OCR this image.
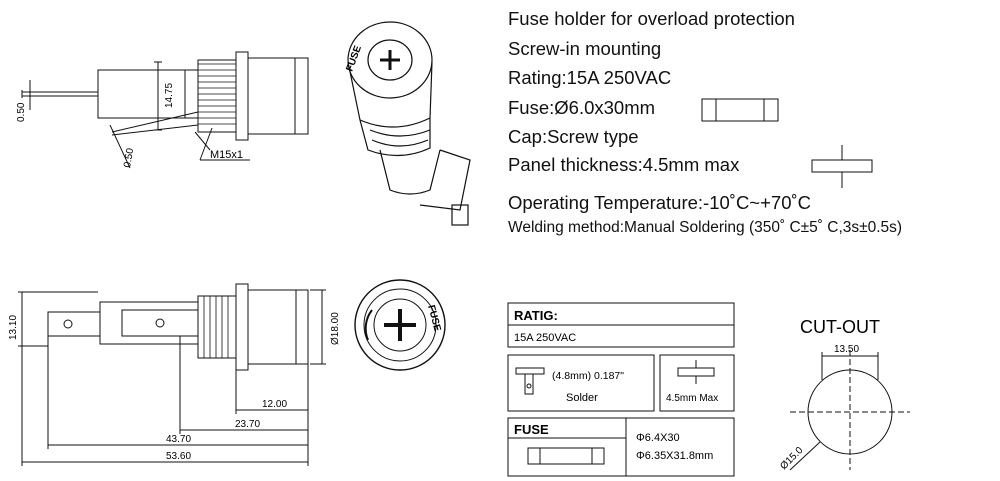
0.50
14.75
0.50	M15x1
FUSE
13.10	Ø18.00
12.00
23.70
43.70
53.60
FUSE	RATIG:
15A 250VAC
(4.8mm) 0.187"
Solder	4.5mm Max
FUSE
Φ6.4X30
Φ6.35X31.8mm
CUT-OUT
13.50
Ø15.0
Fuse holder for overload protection
Screw-in mounting
Rating:15A 250VAC
Fuse:Ø6.0x30mm
Cap:Screw type
Panel thickness:4.5mm max
Operating Temperature:-10˚C~+70˚C
Welding method:Manual Soldering (350˚ C±5˚ C,3s±0.5s)
